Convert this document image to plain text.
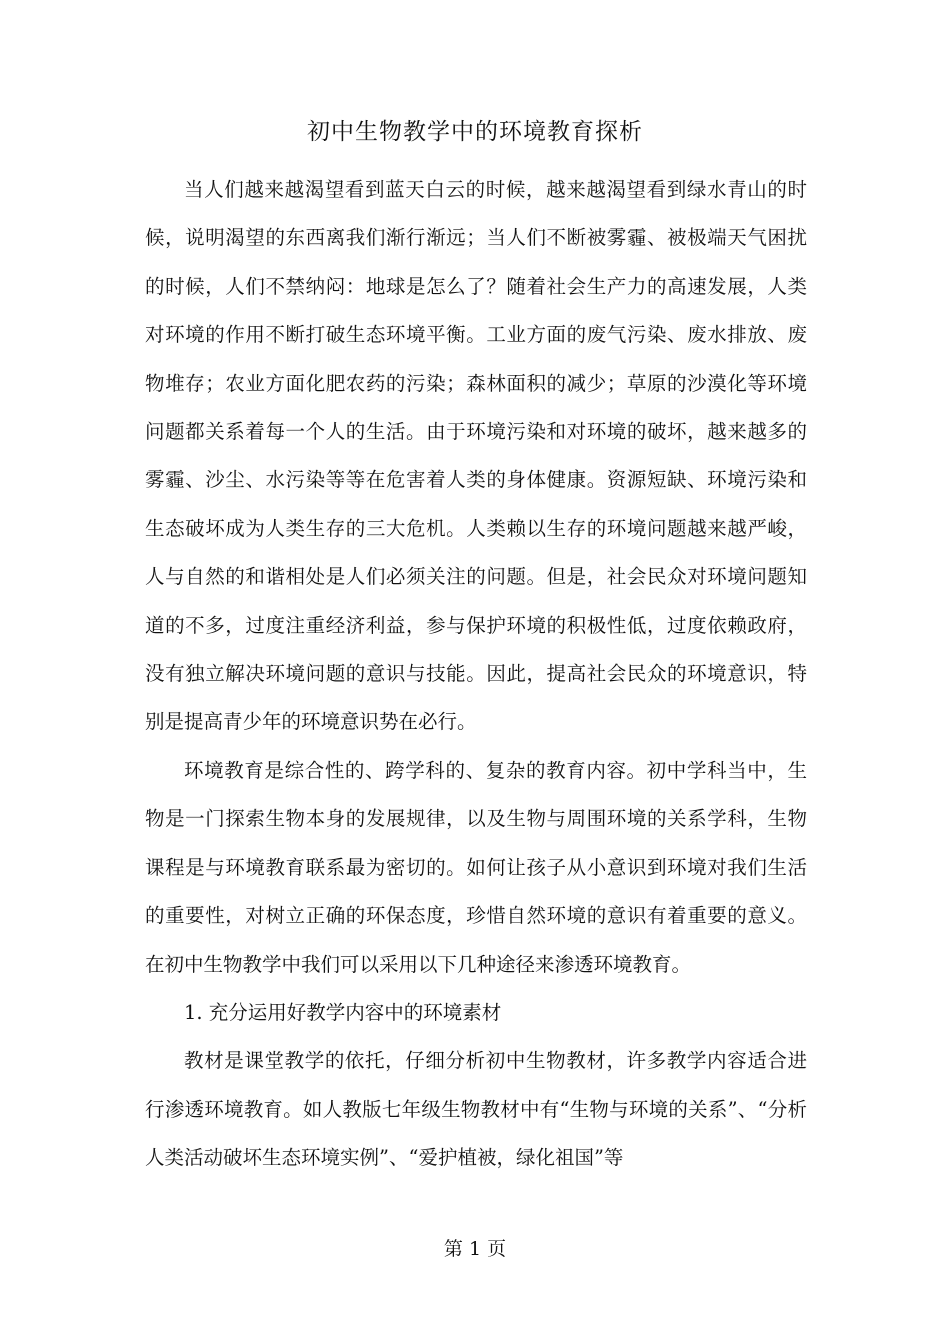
初中生物教学中的环境教育探析

当人们越来越渴望看到蓝天白云的时候，越来越渴望看到绿水青山的时候，说明渴望的东西离我们渐行渐远；当人们不断被雾霾、被极端天气困扰的时候，人们不禁纳闷：地球是怎么了？随着社会生产力的高速发展，人类对环境的作用不断打破生态环境平衡。工业方面的废气污染、废水排放、废物堆存；农业方面化肥农药的污染；森林面积的减少；草原的沙漠化等环境问题都关系着每一个人的生活。由于环境污染和对环境的破坏，越来越多的雾霾、沙尘、水污染等等在危害着人类的身体健康。资源短缺、环境污染和生态破坏成为人类生存的三大危机。人类赖以生存的环境问题越来越严峻，人与自然的和谐相处是人们必须关注的问题。但是，社会民众对环境问题知道的不多，过度注重经济利益，参与保护环境的积极性低，过度依赖政府，没有独立解决环境问题的意识与技能。因此，提高社会民众的环境意识，特别是提高青少年的环境意识势在必行。

环境教育是综合性的、跨学科的、复杂的教育内容。初中学科当中，生物是一门探索生物本身的发展规律，以及生物与周围环境的关系学科，生物课程是与环境教育联系最为密切的。如何让孩子从小意识到环境对我们生活的重要性，对树立正确的环保态度，珍惜自然环境的意识有着重要的意义。在初中生物教学中我们可以采用以下几种途径来渗透环境教育。

1. 充分运用好教学内容中的环境素材

教材是课堂教学的依托，仔细分析初中生物教材，许多教学内容适合进行渗透环境教育。如人教版七年级生物教材中有“生物与环境的关系”、“分析人类活动破坏生态环境实例”、“爱护植被，绿化祖国”等

第 1 页
